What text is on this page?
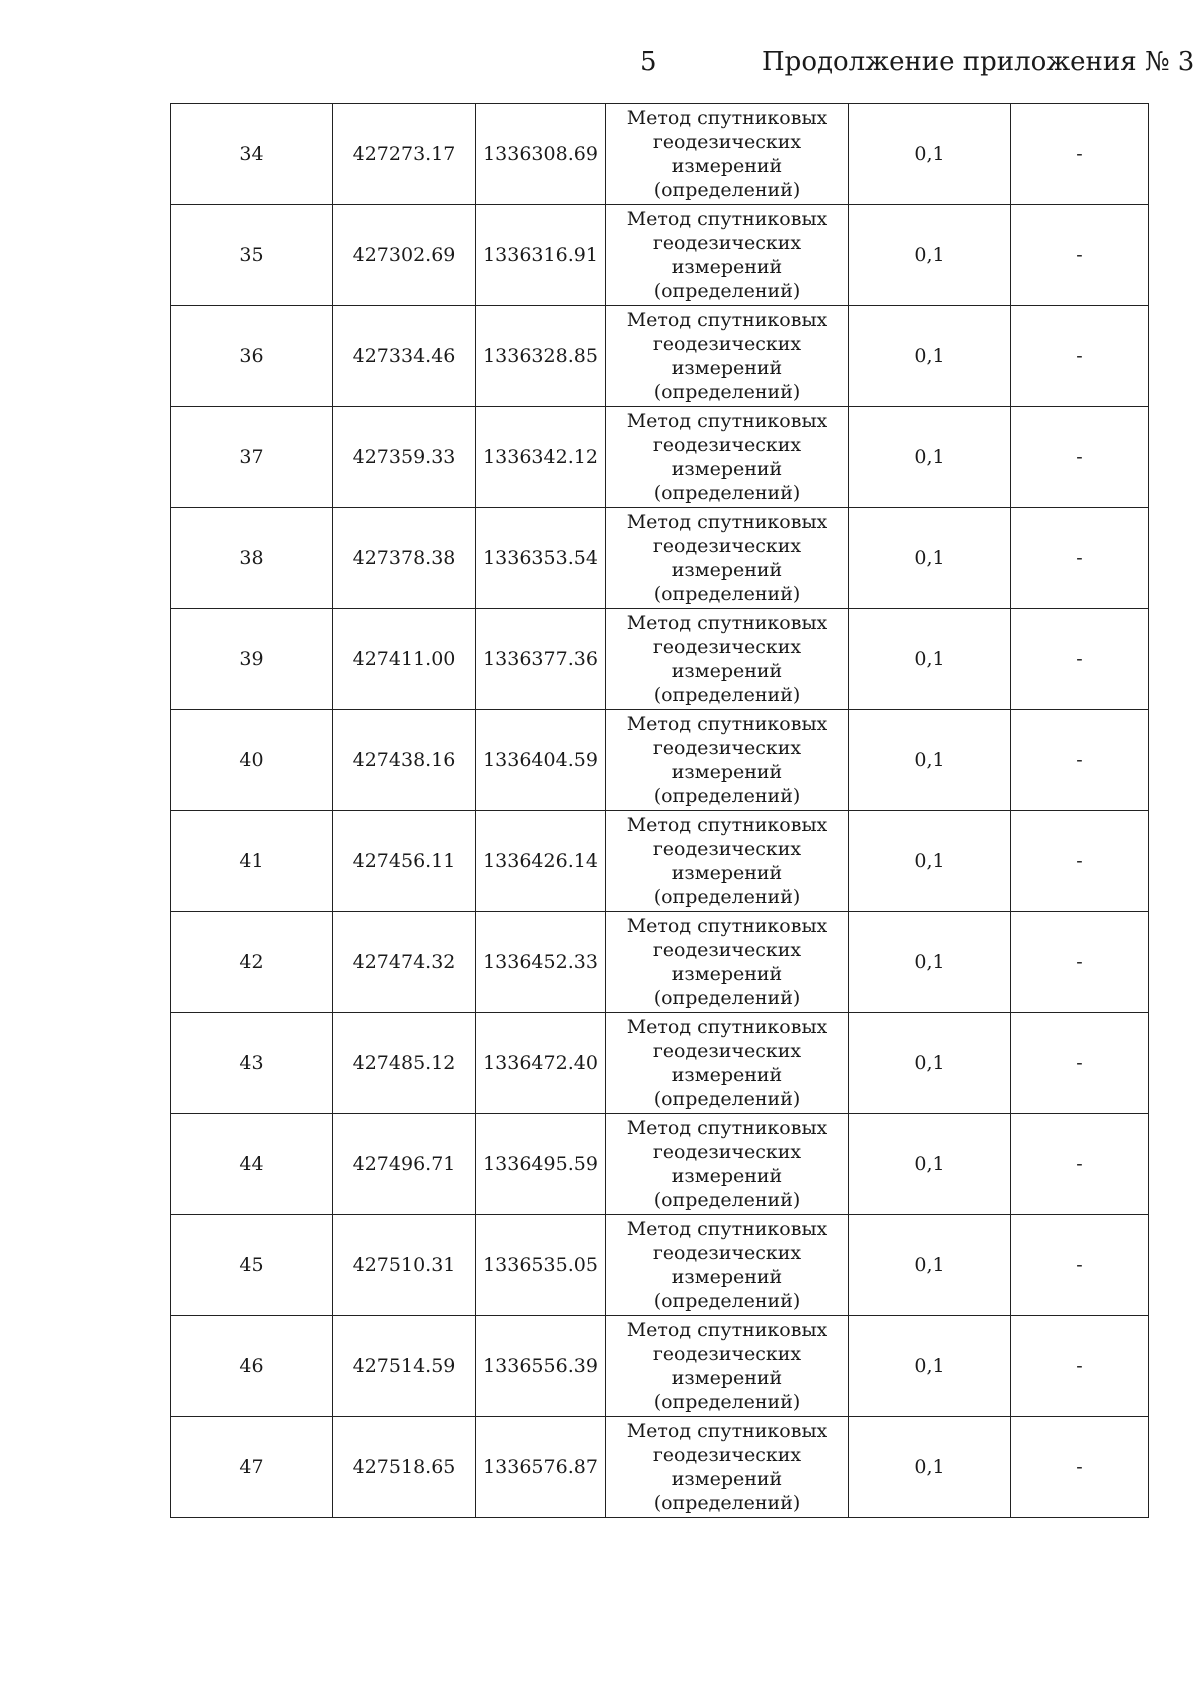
5	Продолжение приложения № 3
34	427273.17	1336308.69	Метод спутниковых
геодезических
измерений
(определений)	0,1	-
35	427302.69	1336316.91	Метод спутниковых
геодезических
измерений
(определений)	0,1	-
36	427334.46	1336328.85	Метод спутниковых
геодезических
измерений
(определений)	0,1	-
37	427359.33	1336342.12	Метод спутниковых
геодезических
измерений
(определений)	0,1	-
38	427378.38	1336353.54	Метод спутниковых
геодезических
измерений
(определений)	0,1	-
39	427411.00	1336377.36	Метод спутниковых
геодезических
измерений
(определений)	0,1	-
40	427438.16	1336404.59	Метод спутниковых
геодезических
измерений
(определений)	0,1	-
41	427456.11	1336426.14	Метод спутниковых
геодезических
измерений
(определений)	0,1	-
42	427474.32	1336452.33	Метод спутниковых
геодезических
измерений
(определений)	0,1	-
43	427485.12	1336472.40	Метод спутниковых
геодезических
измерений
(определений)	0,1	-
44	427496.71	1336495.59	Метод спутниковых
геодезических
измерений
(определений)	0,1	-
45	427510.31	1336535.05	Метод спутниковых
геодезических
измерений
(определений)	0,1	-
46	427514.59	1336556.39	Метод спутниковых
геодезических
измерений
(определений)	0,1	-
47	427518.65	1336576.87	Метод спутниковых
геодезических
измерений
(определений)	0,1	-
